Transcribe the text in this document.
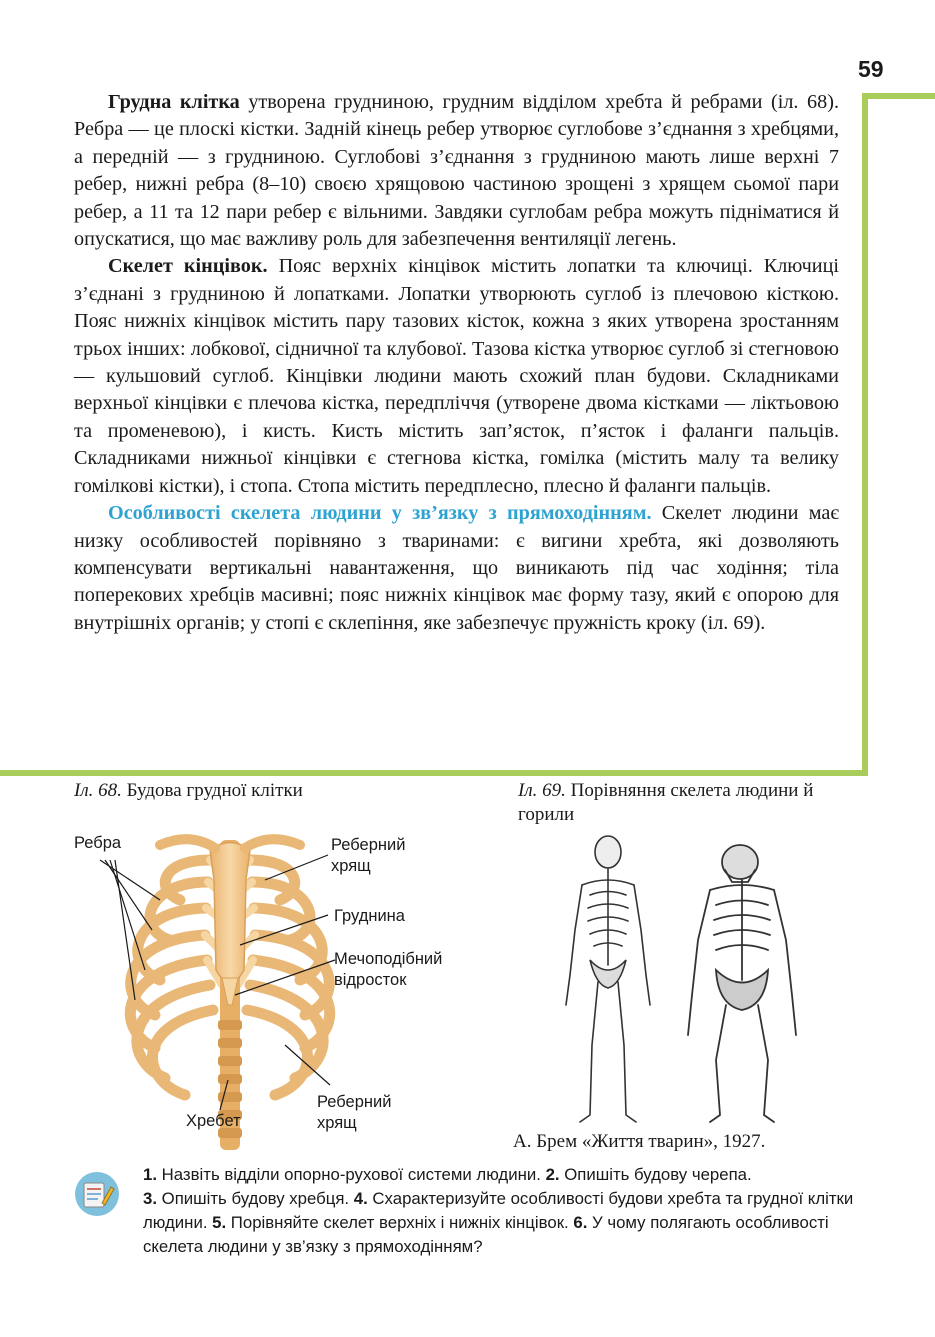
59

Грудна клітка утворена грудниною, грудним відділом хребта й ребрами (іл. 68). Ребра — це плоскі кістки. Задній кінець ребер утворює суглобове з’єднання з хребцями, а передній — з грудниною. Суглобові з’єднання з грудниною мають лише верхні 7 ребер, нижні ребра (8–10) своєю хрящовою частиною зрощені з хрящем сьомої пари ребер, а 11 та 12 пари ребер є вільними. Завдяки суглобам ребра можуть підніматися й опускатися, що має важливу роль для забезпечення вентиляції легень.

Скелет кінцівок. Пояс верхніх кінцівок містить лопатки та ключиці. Ключиці з’єднані з грудниною й лопатками. Лопатки утворюють суглоб із плечовою кісткою. Пояс нижніх кінцівок містить пару тазових кісток, кожна з яких утворена зростанням трьох інших: лобкової, сідничної та клубової. Тазова кістка утворює суглоб зі стегновою — кульшовий суглоб. Кінцівки людини мають схожий план будови. Складниками верхньої кінцівки є плечова кістка, передпліччя (утворене двома кістками — ліктьовою та променевою), і кисть. Кисть містить зап’ясток, п’ясток і фаланги пальців. Складниками нижньої кінцівки є стегнова кістка, гомілка (містить малу та велику гомілкові кістки), і стопа. Стопа містить передплесно, плесно й фаланги пальців.

Особливості скелета людини у зв’язку з прямоходінням. Скелет людини має низку особливостей порівняно з тваринами: є вигини хребта, які дозволяють компенсувати вертикальні навантаження, що виникають під час ходіння; тіла поперекових хребців масивні; пояс нижніх кінцівок має форму тазу, який є опорою для внутрішніх органів; у стопі є склепіння, яке забезпечує пружність кроку (іл. 69).

Іл. 68. Будова грудної клітки
Ребра	Реберний хрящ
Груднина
Мечоподібний відросток
Хребет
Реберний хрящ
Іл. 69. Порівняння скелета людини й горили
А. Брем «Життя тварин», 1927.
1. Назвіть відділи опорно-рухової системи людини. 2. Опишіть будову черепа.
3. Опишіть будову хребця. 4. Схарактеризуйте особливості будови хребта та грудної клітки людини. 5. Порівняйте скелет верхніх і нижніх кінцівок. 6. У чому полягають особливості скелета людини у зв’язку з прямоходінням?
